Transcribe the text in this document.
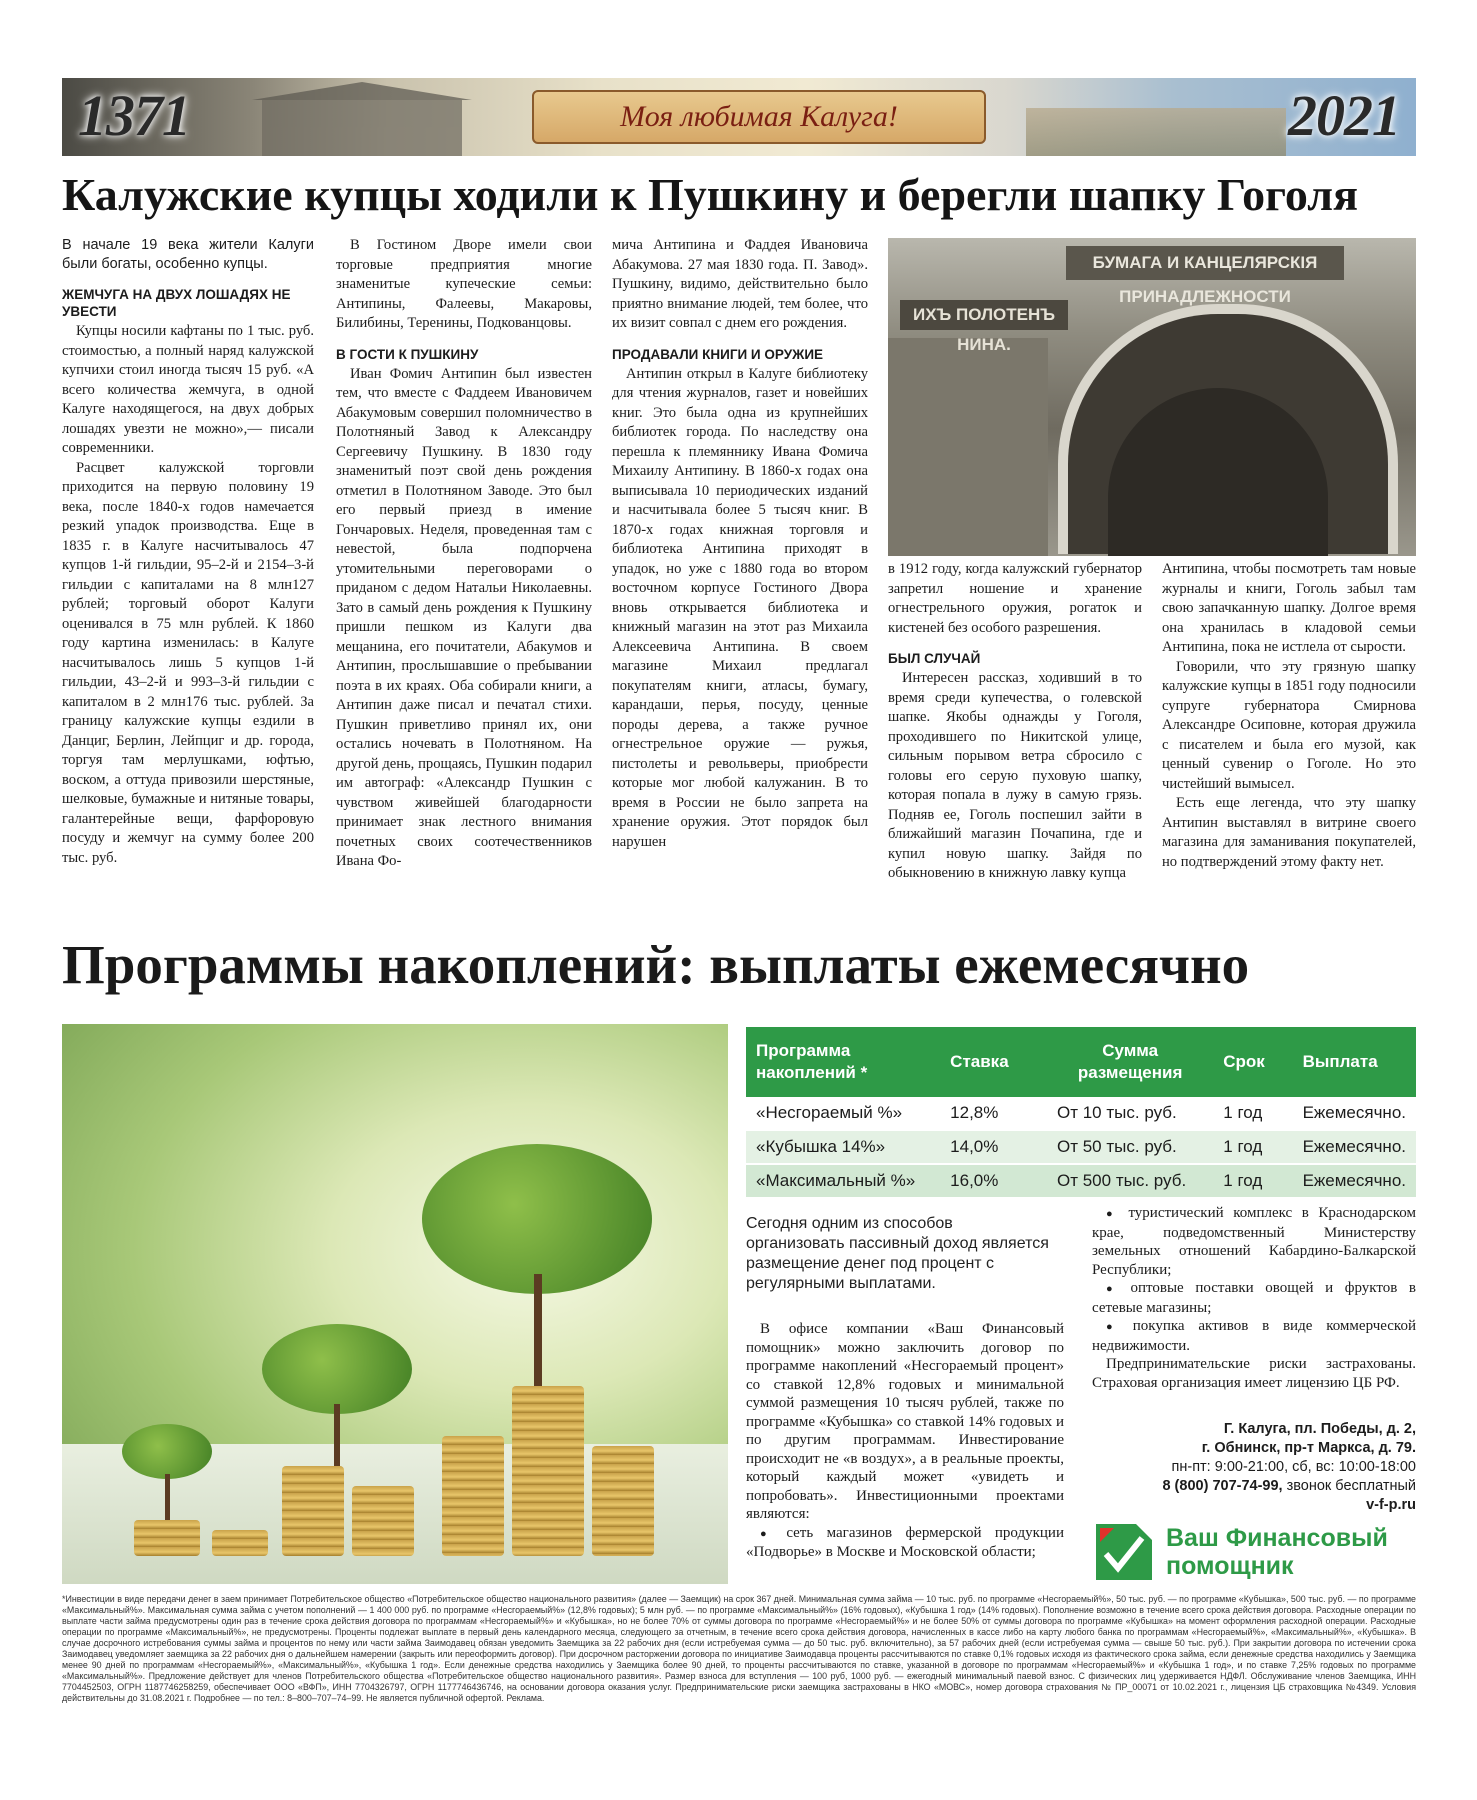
1371	Моя любимая Калуга!	2021
Калужские купцы ходили к Пушкину и берегли шапку Гоголя

В начале 19 века жители Калуги были богаты, особенно купцы.

ЖЕМЧУГА НА ДВУХ ЛОШАДЯХ НЕ УВЕСТИ

Купцы носили кафтаны по 1 тыс. руб. стоимостью, а полный наряд калужской купчихи стоил иногда тысяч 15 руб. «А всего количества жемчуга, в одной Калуге находящегося, на двух добрых лошадях увезти не можно»,— писали современники.

Расцвет калужской торговли приходится на первую половину 19 века, после 1840-х годов намечается резкий упадок производства. Еще в 1835 г. в Калуге насчитывалось 47 купцов 1-й гильдии, 95–2-й и 2154–3-й гильдии с капиталами на 8 млн127 рублей; торговый оборот Калуги оценивался в 75 млн рублей. К 1860 году картина изменилась: в Калуге насчитывалось лишь 5 купцов 1-й гильдии, 43–2-й и 993–3-й гильдии с капиталом в 2 млн176 тыс. рублей. За границу калужские купцы ездили в Данциг, Берлин, Лейпциг и др. города, торгуя там мерлушками, юфтью, воском, а оттуда привозили шерстяные, шелковые, бумажные и нитяные товары, галантерейные вещи, фарфоровую посуду и жемчуг на сумму более 200 тыс. руб.

В Гостином Дворе имели свои торговые предприятия многие знаменитые купеческие семьи: Антипины, Фалеевы, Макаровы, Билибины, Теренины, Подкованцовы.

В ГОСТИ К ПУШКИНУ

Иван Фомич Антипин был известен тем, что вместе с Фаддеем Ивановичем Абакумовым совершил поломничество в Полотняный Завод к Александру Сергеевичу Пушкину. В 1830 году знаменитый поэт свой день рождения отметил в Полотняном Заводе. Это был его первый приезд в имение Гончаровых. Неделя, проведенная там с невестой, была подпорчена утомительными переговорами о приданом с дедом Натальи Николаевны. Зато в самый день рождения к Пушкину пришли пешком из Калуги два мещанина, его почитатели, Абакумов и Антипин, прослышавшие о пребывании поэта в их краях. Оба собирали книги, а Антипин даже писал и печатал стихи. Пушкин приветливо принял их, они остались ночевать в Полотняном. На другой день, прощаясь, Пушкин подарил им автограф: «Александр Пушкин с чувством живейшей благодарности принимает знак лестного внимания почетных своих соотечественников Ивана Фо-

мича Антипина и Фаддея Ивановича Абакумова. 27 мая 1830 года. П. Завод». Пушкину, видимо, действительно было приятно внимание людей, тем более, что их визит совпал с днем его рождения.

ПРОДАВАЛИ КНИГИ И ОРУЖИЕ

Антипин открыл в Калуге библиотеку для чтения журналов, газет и новейших книг. Это была одна из крупнейших библиотек города. По наследству она перешла к племяннику Ивана Фомича Михаилу Антипину. В 1860-х годах она выписывала 10 периодических изданий и насчитывала более 5 тысяч книг. В 1870-х годах книжная торговля и библиотека Антипина приходят в упадок, но уже с 1880 года во втором восточном корпусе Гостиного Двора вновь открывается библиотека и книжный магазин на этот раз Михаила Алексеевича Антипина. В своем магазине Михаил предлагал покупателям книги, атласы, бумагу, карандаши, перья, посуду, ценные породы дерева, а также ручное огнестрельное оружие — ружья, пистолеты и револьверы, приобрести которые мог любой калужанин. В то время в России не было запрета на хранение оружия. Этот порядок был нарушен

БУМАГА И КАНЦЕЛЯРСКІЯ ПРИНАДЛЕЖНОСТИ
ИХЪ ПОЛОТЕНЪ НИНА.

в 1912 году, когда калужский губернатор запретил ношение и хранение огнестрельного оружия, рогаток и кистеней без особого разрешения.

БЫЛ СЛУЧАЙ

Интересен рассказ, ходивший в то время среди купечества, о голевской шапке. Якобы однажды у Гоголя, проходившего по Никитской улице, сильным порывом ветра сбросило с головы его серую пуховую шапку, которая попала в лужу в самую грязь. Подняв ее, Гоголь поспешил зайти в ближайший магазин Почапина, где и купил новую шапку. Зайдя по обыкновению в книжную лавку купца

Антипина, чтобы посмотреть там новые журналы и книги, Гоголь забыл там свою запачканную шапку. Долгое время она хранилась в кладовой семьи Антипина, пока не истлела от сырости.

Говорили, что эту грязную шапку калужские купцы в 1851 году подносили супруге губернатора Смирнова Александре Осиповне, которая дружила с писателем и была его музой, как ценный сувенир о Гоголе. Но это чистейший вымысел.

Есть еще легенда, что эту шапку Антипин выставлял в витрине своего магазина для заманивания покупателей, но подтверждений этому факту нет.

Программы накоплений: выплаты ежемесячно
Программа накоплений *	Ставка	Сумма размещения	Срок	Выплата
«Несгораемый %»	12,8%	От 10 тыс. руб.	1 год	Ежемесячно.
«Кубышка 14%»	14,0%	От 50 тыс. руб.	1 год	Ежемесячно.
«Максимальный %»	16,0%	От 500 тыс. руб.	1 год	Ежемесячно.
Сегодня одним из способов организовать пассивный доход является размещение денег под процент с регулярными выплатами.

В офисе компании «Ваш Финансовый помощник» можно заключить договор по программе накоплений «Несгораемый процент» со ставкой 12,8% годовых и минимальной суммой размещения 10 тысяч рублей, также по программе «Кубышка» со ставкой 14% годовых и по другим программам. Инвестирование происходит не «в воздух», а в реальные проекты, который каждый может «увидеть и попробовать». Инвестиционными проектами являются:

● сеть магазинов фермерской продукции «Подворье» в Москве и Московской области;
● туристический комплекс в Краснодарском крае, подведомственный Министерству земельных отношений Кабардино-Балкарской Республики;
● оптовые поставки овощей и фруктов в сетевые магазины;
● покупка активов в виде коммерческой недвижимости.

Предпринимательские риски застрахованы. Страховая организация имеет лицензию ЦБ РФ.

Г. Калуга, пл. Победы, д. 2,
г. Обнинск, пр-т Маркса, д. 79.
пн-пт: 9:00-21:00, сб, вс: 10:00-18:00
8 (800) 707-74-99, звонок бесплатный
v-f-p.ru
Ваш Финансовый
помощник

*Инвестиции в виде передачи денег в заем принимает Потребительское общество «Потребительское общество национального развития» (далее — Заемщик) на срок 367 дней. Минимальная сумма займа — 10 тыс. руб. по программе «Несгораемый%», 50 тыс. руб. — по программе «Кубышка», 500 тыс. руб. — по программе «Максимальный%». Максимальная сумма займа с учетом пополнений — 1 400 000 руб. по программе «Несгораемый%» (12,8% годовых); 5 млн руб. — по программе «Максимальный%» (16% годовых), «Кубышка 1 год» (14% годовых). Пополнение возможно в течение всего срока действия договора. Расходные операции по выплате части займа предусмотрены один раз в течение срока действия договора по программам «Несгораемый%» и «Кубышка», но не более 70% от суммы договора по программе «Несгораемый%» и не более 50% от суммы договора по программе «Кубышка» на момент оформления расходной операции. Расходные операции по программе «Максимальный%», не предусмотрены. Проценты подлежат выплате в первый день календарного месяца, следующего за отчетным, в течение всего срока действия договора, начисленных в кассе либо на карту любого банка по программам «Несгораемый%», «Максимальный%», «Кубышка». В случае досрочного истребования суммы займа и процентов по нему или части займа Заимодавец обязан уведомить Заемщика за 22 рабочих дня (если истребуемая сумма — до 50 тыс. руб. включительно), за 57 рабочих дней (если истребуемая сумма — свыше 50 тыс. руб.). При закрытии договора по истечении срока Заимодавец уведомляет заемщика за 22 рабочих дня о дальнейшем намерении (закрыть или переоформить договор). При досрочном расторжении договора по инициативе Заимодавца проценты рассчитываются по ставке 0,1% годовых исходя из фактического срока займа, если денежные средства находились у Заемщика менее 90 дней по программам «Несгораемый%», «Максимальный%», «Кубышка 1 год». Если денежные средства находились у Заемщика более 90 дней, то проценты рассчитываются по ставке, указанной в договоре по программам «Несгораемый%» и «Кубышка 1 год», и по ставке 7,25% годовых по программе «Максимальный%». Предложение действует для членов Потребительского общества «Потребительское общество национального развития». Размер взноса для вступления — 100 руб, 1000 руб. — ежегодный минимальный паевой взнос. С физических лиц удерживается НДФЛ. Обслуживание членов Заемщика, ИНН 7704452503, ОГРН 1187746258259, обеспечивает ООО «ВФП», ИНН 7704326797, ОГРН 1177746436746, на основании договора оказания услуг. Предпринимательские риски заемщика застрахованы в НКО «МОВС», номер договора страхования № ПР_00071 от 10.02.2021 г., лицензия ЦБ страховщика №4349. Условия действительны до 31.08.2021 г. Подробнее — по тел.: 8–800–707–74–99. Не является публичной офертой. Реклама.
